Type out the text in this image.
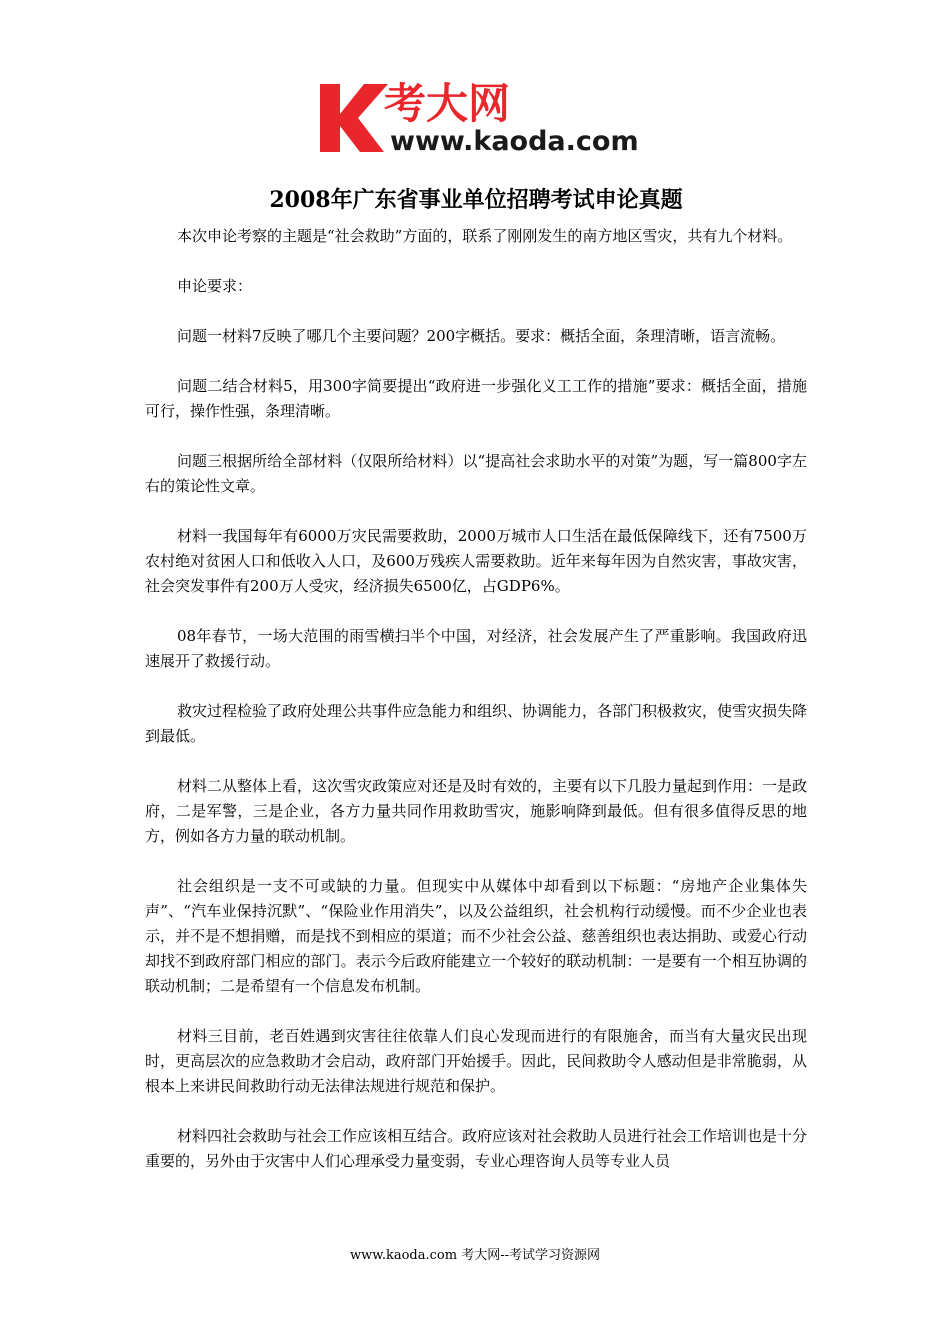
考大网
www.kaoda.com
2008年广东省事业单位招聘考试申论真题

本次申论考察的主题是“社会救助”方面的，联系了刚刚发生的南方地区雪灾，共有九个材料。

申论要求：

问题一材料7反映了哪几个主要问题？200字概括。要求：概括全面，条理清晰，语言流畅。

问题二结合材料5，用300字简要提出“政府进一步强化义工工作的措施”要求：概括全面，措施可行，操作性强，条理清晰。

问题三根据所给全部材料（仅限所给材料）以“提高社会求助水平的对策”为题，写一篇800字左右的策论性文章。

材料一我国每年有6000万灾民需要救助，2000万城市人口生活在最低保障线下，还有7500万农村绝对贫困人口和低收入人口，及600万残疾人需要救助。近年来每年因为自然灾害，事故灾害，社会突发事件有200万人受灾，经济损失6500亿，占GDP6%。

08年春节，一场大范围的雨雪横扫半个中国，对经济，社会发展产生了严重影响。我国政府迅速展开了救援行动。

救灾过程检验了政府处理公共事件应急能力和组织、协调能力，各部门积极救灾，使雪灾损失降到最低。

材料二从整体上看，这次雪灾政策应对还是及时有效的，主要有以下几股力量起到作用：一是政府，二是军警，三是企业，各方力量共同作用救助雪灾，施影响降到最低。但有很多值得反思的地方，例如各方力量的联动机制。

社会组织是一支不可或缺的力量。但现实中从媒体中却看到以下标题：“房地产企业集体失声”、“汽车业保持沉默”、“保险业作用消失”，以及公益组织，社会机构行动缓慢。而不少企业也表示，并不是不想捐赠，而是找不到相应的渠道；而不少社会公益、慈善组织也表达捐助、或爱心行动却找不到政府部门相应的部门。表示今后政府能建立一个较好的联动机制：一是要有一个相互协调的联动机制；二是希望有一个信息发布机制。

材料三目前，老百姓遇到灾害往往依靠人们良心发现而进行的有限施舍，而当有大量灾民出现时，更高层次的应急救助才会启动，政府部门开始援手。因此，民间救助令人感动但是非常脆弱，从根本上来讲民间救助行动无法律法规进行规范和保护。

材料四社会救助与社会工作应该相互结合。政府应该对社会救助人员进行社会工作培训也是十分重要的，另外由于灾害中人们心理承受力量变弱，专业心理咨询人员等专业人员

www.kaoda.com 考大网--考试学习资源网
